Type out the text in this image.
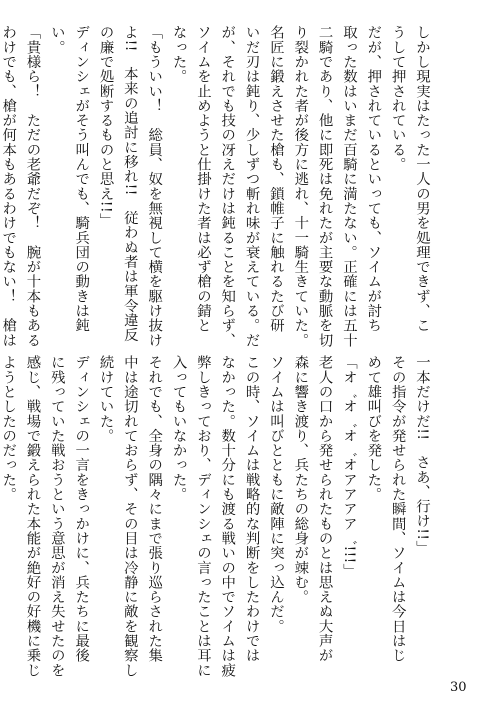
しかし現実はたった一人の男を処理できず、こ
うして押されている。
だが、押されているといっても、ソイムが討ち
取った数はいまだ百騎に満たない。正確には五十
二騎であり、他に即死は免れたが主要な動脈を切
り裂かれた者が後方に逃れ、十一騎生きていた。
名匠に鍛えさせた槍も、鎖帷子に触れるたび研
いだ刃は鈍り、少しずつ斬れ味が衰えている。だ
が、それでも技の冴えだけは鈍ることを知らず、
ソイムを止めようと仕掛けた者は必ず槍の錆と
なった。
「もういい！　総員、奴を無視して横を駆け抜け
よ!!　本来の追討に移れ!!　従わぬ者は軍令違反
の廉で処断するものと思え!!」
ディンシェがそう叫んでも、騎兵団の動きは鈍
い。
「貴様ら！　ただの老爺だぞ！　腕が十本もある
わけでも、槍が何本もあるわけでもない！　槍は
一本だけだ!!　さあ、行け!!」
その指令が発せられた瞬間、ソイムは今日はじ
めて雄叫びを発した。
「オ゛オ゛オ゛オアアアア゛!!!」
老人の口から発せられたものとは思えぬ大声が
森に響き渡り、兵たちの総身が竦む。
ソイムは叫びとともに敵陣に突っ込んだ。
この時、ソイムは戦略的な判断をしたわけでは
なかった。数十分にも渡る戦いの中でソイムは疲
弊しきっており、ディンシェの言ったことは耳に
入ってもいなかった。
それでも、全身の隅々にまで張り巡らされた集
中は途切れておらず、その目は冷静に敵を観察し
続けていた。
ディンシェの一言をきっかけに、兵たちに最後
に残っていた戦おうという意思が消え失せたのを
感じ、戦場で鍛えられた本能が絶好の好機に乗じ
ようとしたのだった。
30
